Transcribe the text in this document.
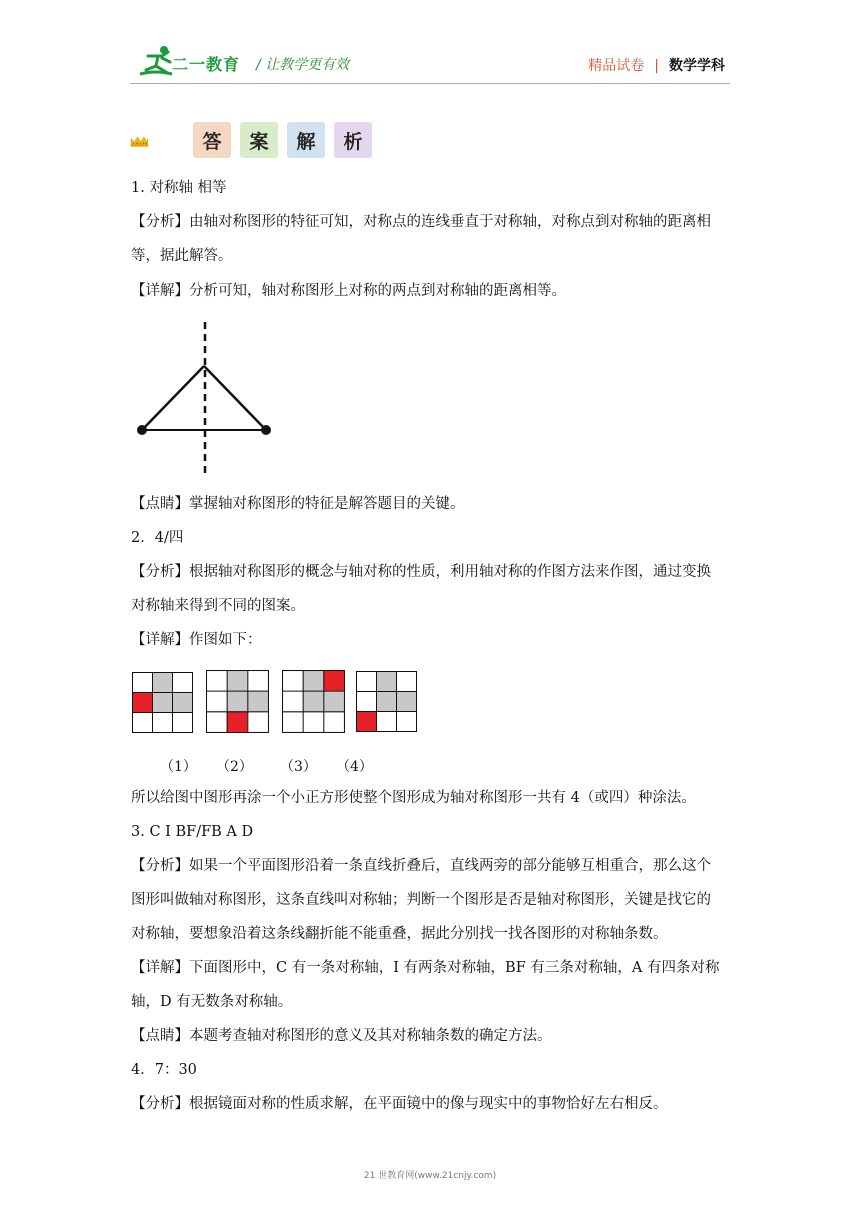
二一教育 / 让教学更有效	精品试卷 | 数学学科
答	案	解	析
1. 对称轴 相等
【分析】由轴对称图形的特征可知，对称点的连线垂直于对称轴，对称点到对称轴的距离相
等，据此解答。
【详解】分析可知，轴对称图形上对称的两点到对称轴的距离相等。
【点睛】掌握轴对称图形的特征是解答题目的关键。
2．4/四
【分析】根据轴对称图形的概念与轴对称的性质，利用轴对称的作图方法来作图，通过变换
对称轴来得到不同的图案。
【详解】作图如下：
（1） （2） （3） （4）
所以给图中图形再涂一个小正方形使整个图形成为轴对称图形一共有 4（或四）种涂法。
3. C I BF/FB A D
【分析】如果一个平面图形沿着一条直线折叠后，直线两旁的部分能够互相重合，那么这个
图形叫做轴对称图形，这条直线叫对称轴；判断一个图形是否是轴对称图形，关键是找它的
对称轴，要想象沿着这条线翻折能不能重叠，据此分别找一找各图形的对称轴条数。
【详解】下面图形中，C 有一条对称轴，I 有两条对称轴，BF 有三条对称轴，A 有四条对称
轴，D 有无数条对称轴。
【点睛】本题考查轴对称图形的意义及其对称轴条数的确定方法。
4．7：30
【分析】根据镜面对称的性质求解，在平面镜中的像与现实中的事物恰好左右相反。
21 世教育网(www.21cnjy.com)
